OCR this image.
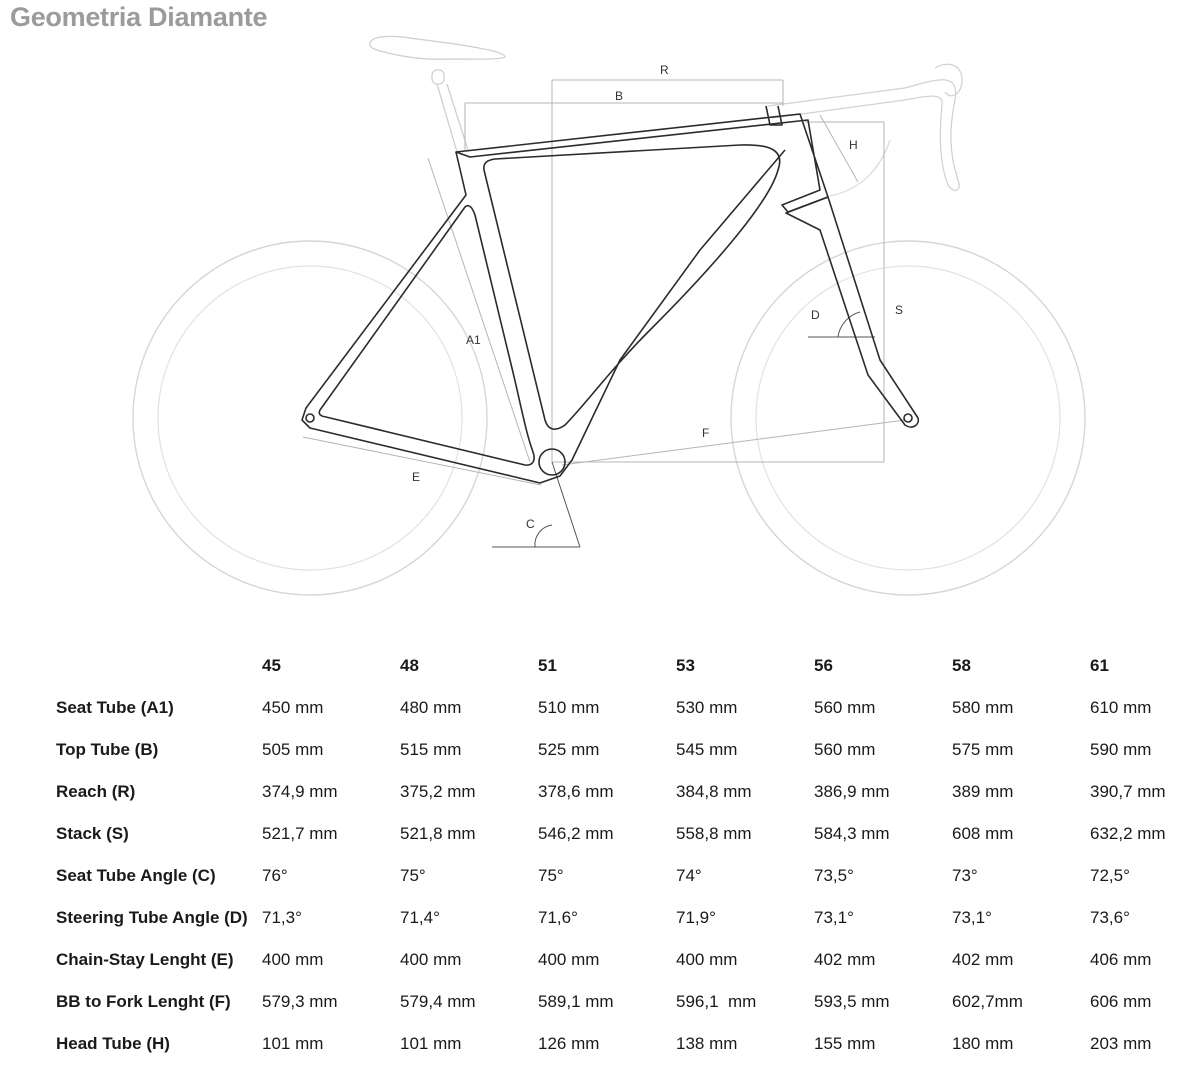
Geometria Diamante
R
B
H
A1
D	S
F
E
C
45	48	51	53	56	58	61
Seat Tube (A1)	450 mm	480 mm	510 mm	530 mm	560 mm	580 mm	610 mm
Top Tube (B)	505 mm	515 mm	525 mm	545 mm	560 mm	575 mm	590 mm
Reach (R)	374,9 mm	375,2 mm	378,6 mm	384,8 mm	386,9 mm	389 mm	390,7 mm
Stack (S)	521,7 mm	521,8 mm	546,2 mm	558,8 mm	584,3 mm	608 mm	632,2 mm
Seat Tube Angle (C)	76°	75°	75°	74°	73,5°	73°	72,5°
Steering Tube Angle (D) 71,3°	71,4°	71,6°	71,9°	73,1°	73,1°	73,6°
Chain-Stay Lenght (E) 400 mm	400 mm	400 mm	400 mm	402 mm	402 mm	406 mm
BB to Fork Lenght (F) 579,3 mm	579,4 mm	589,1 mm	596,1  mm	593,5 mm	602,7mm	606 mm
Head Tube (H)	101 mm	101 mm	126 mm	138 mm	155 mm	180 mm	203 mm
